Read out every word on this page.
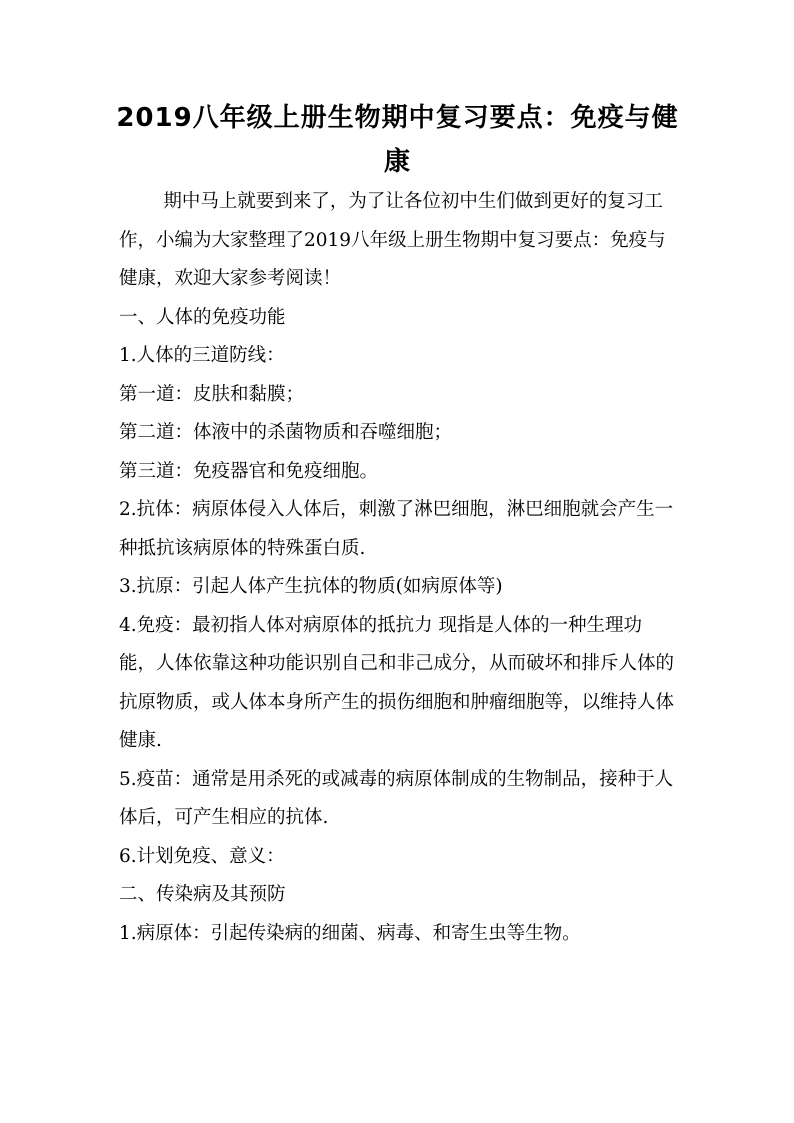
2019八年级上册生物期中复习要点：免疫与健康

期中马上就要到来了，为了让各位初中生们做到更好的复习工作，小编为大家整理了2019八年级上册生物期中复习要点：免疫与健康，欢迎大家参考阅读！

一、人体的免疫功能

1.人体的三道防线：

第一道：皮肤和黏膜；

第二道：体液中的杀菌物质和吞噬细胞；

第三道：免疫器官和免疫细胞。

2.抗体：病原体侵入人体后，刺激了淋巴细胞，淋巴细胞就会产生一种抵抗该病原体的特殊蛋白质.

3.抗原：引起人体产生抗体的物质(如病原体等)

4.免疫：最初指人体对病原体的抵抗力 现指是人体的一种生理功能，人体依靠这种功能识别自己和非己成分，从而破坏和排斥人体的抗原物质，或人体本身所产生的损伤细胞和肿瘤细胞等，以维持人体健康.

5.疫苗：通常是用杀死的或减毒的病原体制成的生物制品，接种于人体后，可产生相应的抗体.

6.计划免疫、意义：

二、传染病及其预防

1.病原体：引起传染病的细菌、病毒、和寄生虫等生物。
